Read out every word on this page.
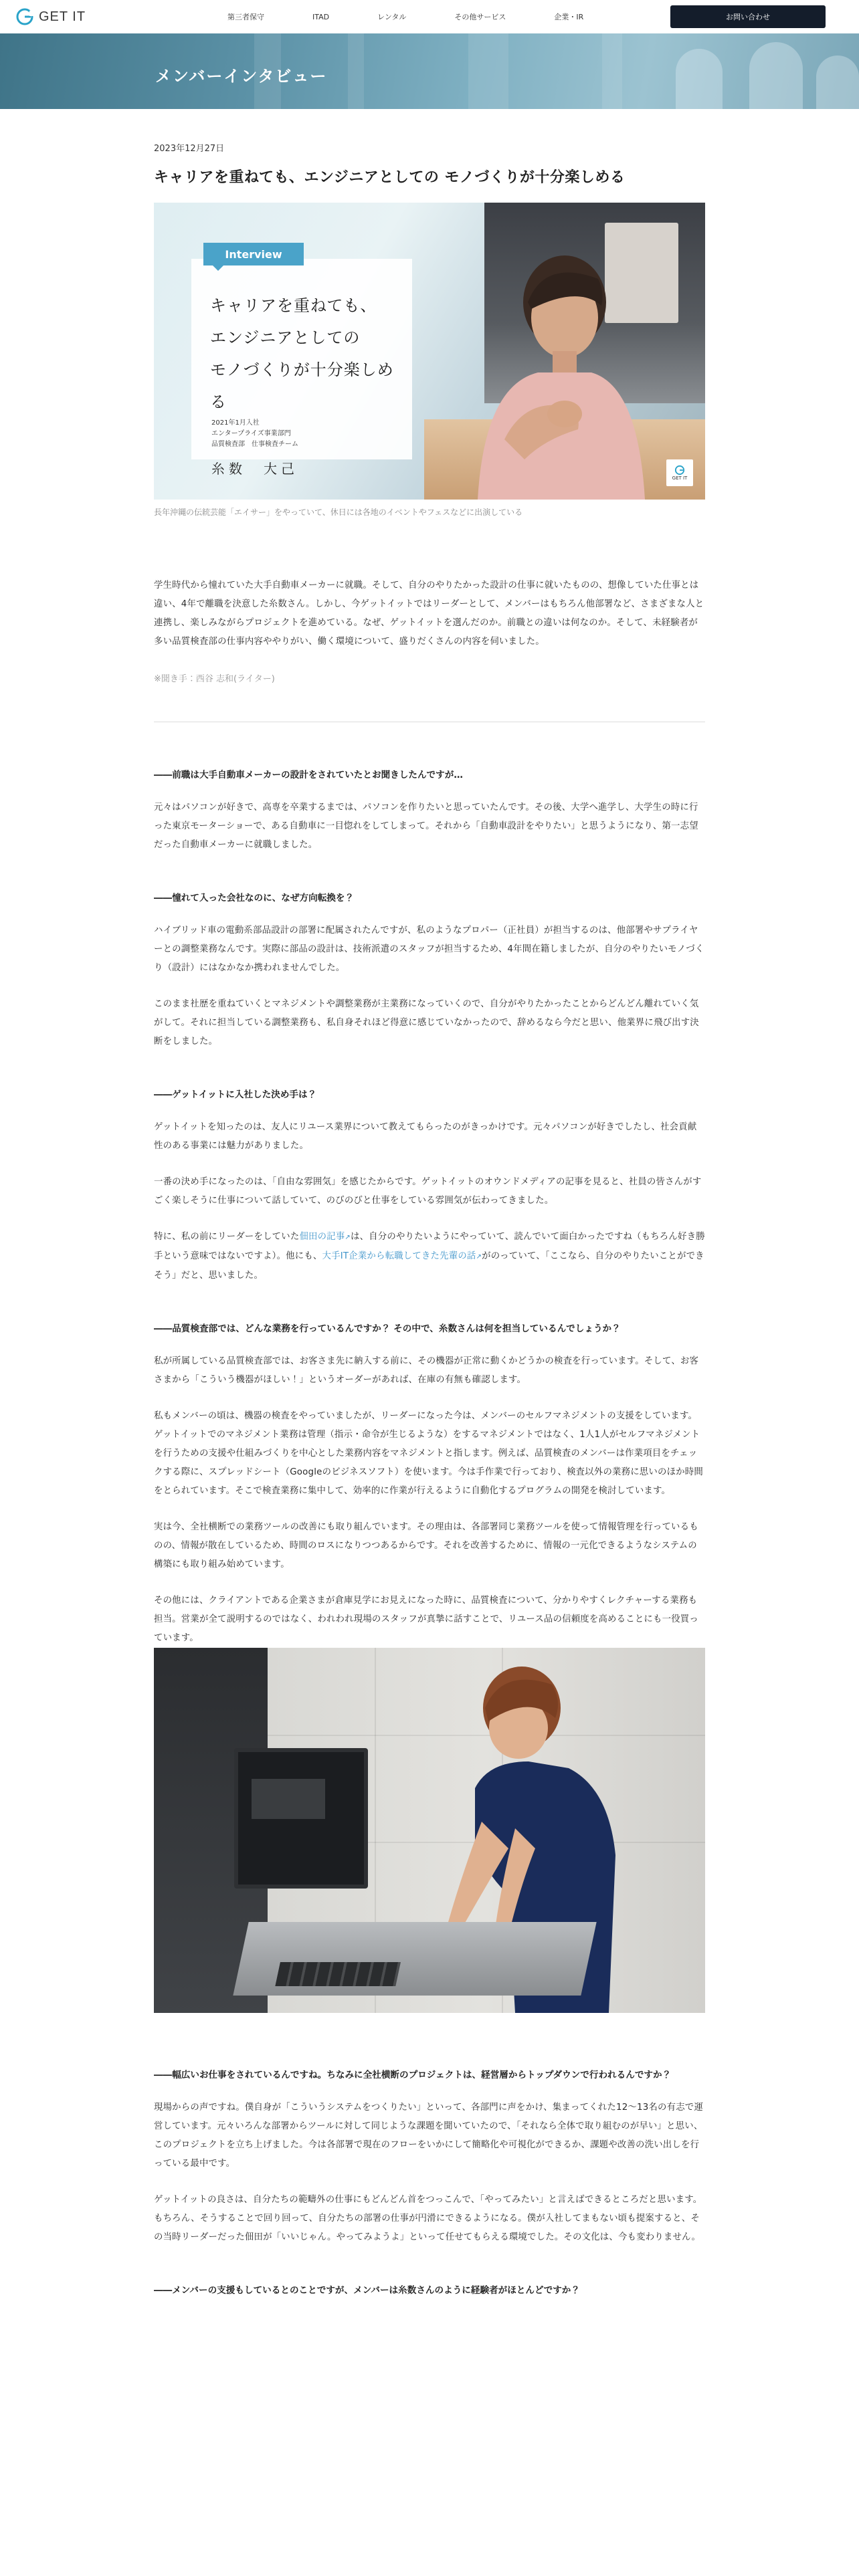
GET IT	第三者保守	ITAD	レンタル	その他サービス	企業・IR	お問い合わせ
メンバーインタビュー
2023年12月27日
キャリアを重ねても、エンジニアとしての モノづくりが十分楽しめる
Interview
キャリアを重ねても、
エンジニアとしての
モノづくりが十分楽しめる
2021年1月入社
エンタープライズ事業部門
品質検査部　仕事検査チーム
糸数　大己
GET IT

長年沖縄の伝統芸能「エイサー」をやっていて、休日には各地のイベントやフェスなどに出演している

学生時代から憧れていた大手自動車メーカーに就職。そして、自分のやりたかった設計の仕事に就いたものの、想像していた仕事とは違い、4年で離職を決意した糸数さん。しかし、今ゲットイットではリーダーとして、メンバーはもちろん他部署など、さまざまな人と連携し、楽しみながらプロジェクトを進めている。なぜ、ゲットイットを選んだのか。前職との違いは何なのか。そして、未経験者が多い品質検査部の仕事内容ややりがい、働く環境について、盛りだくさんの内容を伺いました。

※聞き手：西谷 志和(ライター)

――前職は大手自動車メーカーの設計をされていたとお聞きしたんですが…

元々はパソコンが好きで、高専を卒業するまでは、パソコンを作りたいと思っていたんです。その後、大学へ進学し、大学生の時に行った東京モーターショーで、ある自動車に一目惚れをしてしまって。それから「自動車設計をやりたい」と思うようになり、第一志望だった自動車メーカーに就職しました。

――憧れて入った会社なのに、なぜ方向転換を？

ハイブリッド車の電動系部品設計の部署に配属されたんですが、私のようなプロパー（正社員）が担当するのは、他部署やサプライヤーとの調整業務なんです。実際に部品の設計は、技術派遣のスタッフが担当するため、4年間在籍しましたが、自分のやりたいモノづくり（設計）にはなかなか携われませんでした。

このまま社歴を重ねていくとマネジメントや調整業務が主業務になっていくので、自分がやりたかったことからどんどん離れていく気がして。それに担当している調整業務も、私自身それほど得意に感じていなかったので、辞めるなら今だと思い、他業界に飛び出す決断をしました。

――ゲットイットに入社した決め手は？

ゲットイットを知ったのは、友人にリユース業界について教えてもらったのがきっかけです。元々パソコンが好きでしたし、社会貢献性のある事業には魅力がありました。

一番の決め手になったのは、「自由な雰囲気」を感じたからです。ゲットイットのオウンドメディアの記事を見ると、社員の皆さんがすごく楽しそうに仕事について話していて、のびのびと仕事をしている雰囲気が伝わってきました。

特に、私の前にリーダーをしていた佃田の記事↗は、自分のやりたいようにやっていて、読んでいて面白かったですね（もちろん好き勝手という意味ではないですよ）。他にも、大手IT企業から転職してきた先輩の話↗がのっていて、「ここなら、自分のやりたいことができそう」だと、思いました。

――品質検査部では、どんな業務を行っているんですか？ その中で、糸数さんは何を担当しているんでしょうか？

私が所属している品質検査部では、お客さま先に納入する前に、その機器が正常に動くかどうかの検査を行っています。そして、お客さまから「こういう機器がほしい！」というオーダーがあれば、在庫の有無も確認します。

私もメンバーの頃は、機器の検査をやっていましたが、リーダーになった今は、メンバーのセルフマネジメントの支援をしています。ゲットイットでのマネジメント業務は管理（指示・命令が生じるような）をするマネジメントではなく、1人1人がセルフマネジメントを行うための支援や仕組みづくりを中心とした業務内容をマネジメントと指します。例えば、品質検査のメンバーは作業項目をチェックする際に、スプレッドシート（Googleのビジネスソフト）を使います。今は手作業で行っており、検査以外の業務に思いのほか時間をとられています。そこで検査業務に集中して、効率的に作業が行えるように自動化するプログラムの開発を検討しています。

実は今、全社横断での業務ツールの改善にも取り組んでいます。その理由は、各部署同じ業務ツールを使って情報管理を行っているものの、情報が散在しているため、時間のロスになりつつあるからです。それを改善するために、情報の一元化できるようなシステムの構築にも取り組み始めています。

その他には、クライアントである企業さまが倉庫見学にお見えになった時に、品質検査について、分かりやすくレクチャーする業務も担当。営業が全て説明するのではなく、われわれ現場のスタッフが真摯に話すことで、リユース品の信頼度を高めることにも一役買っています。

――幅広いお仕事をされているんですね。ちなみに全社横断のプロジェクトは、経営層からトップダウンで行われるんですか？

現場からの声ですね。僕自身が「こういうシステムをつくりたい」といって、各部門に声をかけ、集まってくれた12〜13名の有志で運営しています。元々いろんな部署からツールに対して同じような課題を聞いていたので、「それなら全体で取り組むのが早い」と思い、このプロジェクトを立ち上げました。今は各部署で現在のフローをいかにして簡略化や可視化ができるか、課題や改善の洗い出しを行っている最中です。

ゲットイットの良さは、自分たちの範疇外の仕事にもどんどん首をつっこんで、「やってみたい」と言えばできるところだと思います。もちろん、そうすることで回り回って、自分たちの部署の仕事が円滑にできるようになる。僕が入社してまもない頃も提案すると、その当時リーダーだった佃田が「いいじゃん。やってみようよ」といって任せてもらえる環境でした。その文化は、今も変わりません。

――メンバーの支援もしているとのことですが、メンバーは糸数さんのように経験者がほとんどですか？
